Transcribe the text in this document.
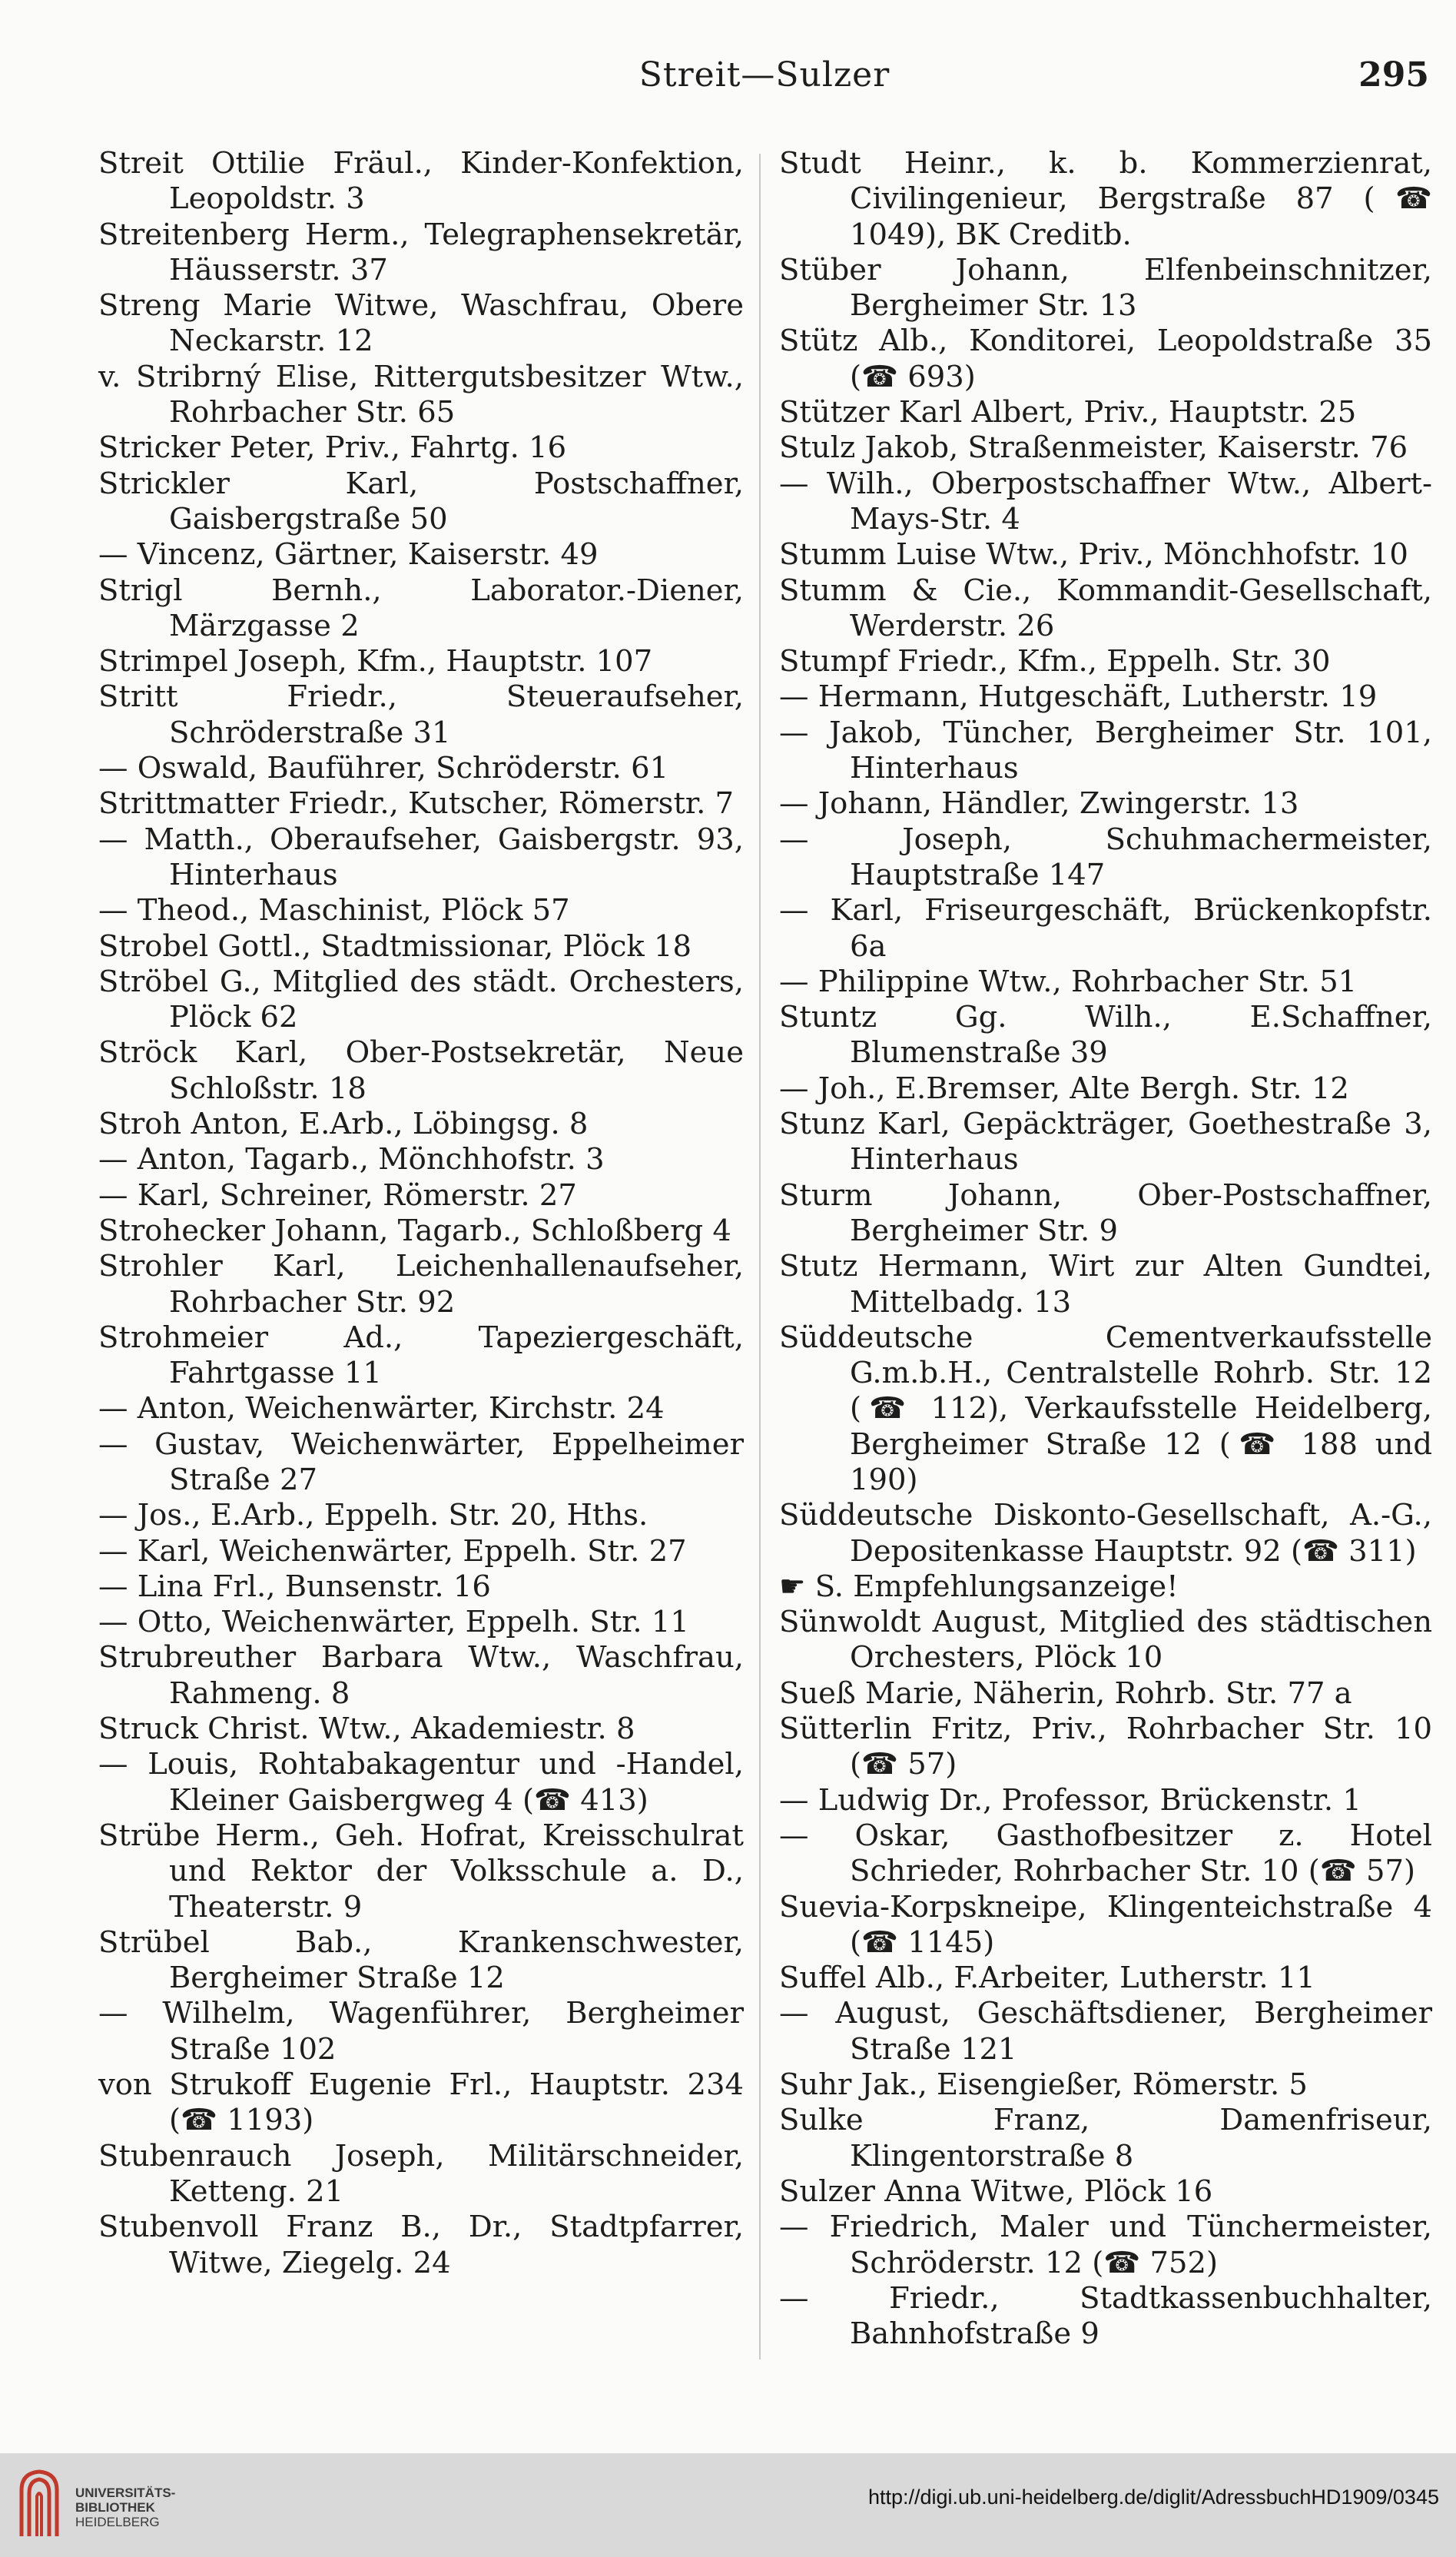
Streit—Sulzer	295

Streit Ottilie Fräul., Kinder-Konfektion, Leopoldstr. 3

Streitenberg Herm., Telegraphensekretär, Häusserstr. 37

Streng Marie Witwe, Waschfrau, Obere Neckarstr. 12

v. Stribrný Elise, Rittergutsbesitzer Wtw., Rohrbacher Str. 65

Stricker Peter, Priv., Fahrtg. 16

Strickler Karl, Postschaffner, Gaisbergstraße 50

— Vincenz, Gärtner, Kaiserstr. 49

Strigl Bernh., Laborator.-Diener, Märzgasse 2

Strimpel Joseph, Kfm., Hauptstr. 107

Stritt Friedr., Steueraufseher, Schröderstraße 31

— Oswald, Bauführer, Schröderstr. 61

Strittmatter Friedr., Kutscher, Römerstr. 7

— Matth., Oberaufseher, Gaisbergstr. 93, Hinterhaus

— Theod., Maschinist, Plöck 57

Strobel Gottl., Stadtmissionar, Plöck 18

Ströbel G., Mitglied des städt. Orchesters, Plöck 62

Ströck Karl, Ober-Postsekretär, Neue Schloßstr. 18

Stroh Anton, E.Arb., Löbingsg. 8

— Anton, Tagarb., Mönchhofstr. 3

— Karl, Schreiner, Römerstr. 27

Strohecker Johann, Tagarb., Schloßberg 4

Strohler Karl, Leichenhallenaufseher, Rohrbacher Str. 92

Strohmeier Ad., Tapeziergeschäft, Fahrtgasse 11

— Anton, Weichenwärter, Kirchstr. 24

— Gustav, Weichenwärter, Eppelheimer Straße 27

— Jos., E.Arb., Eppelh. Str. 20, Hths.

— Karl, Weichenwärter, Eppelh. Str. 27

— Lina Frl., Bunsenstr. 16

— Otto, Weichenwärter, Eppelh. Str. 11

Strubreuther Barbara Wtw., Waschfrau, Rahmeng. 8

Struck Christ. Wtw., Akademiestr. 8

— Louis, Rohtabakagentur und -Handel, Kleiner Gaisbergweg 4 (☎ 413)

Strübe Herm., Geh. Hofrat, Kreisschulrat und Rektor der Volksschule a. D., Theaterstr. 9

Strübel Bab., Krankenschwester, Bergheimer Straße 12

— Wilhelm, Wagenführer, Bergheimer Straße 102

von Strukoff Eugenie Frl., Hauptstr. 234 (☎ 1193)

Stubenrauch Joseph, Militärschneider, Ketteng. 21

Stubenvoll Franz B., Dr., Stadtpfarrer, Witwe, Ziegelg. 24

Studt Heinr., k. b. Kommerzienrat, Civilingenieur, Bergstraße 87 (☎ 1049), BK Creditb.

Stüber Johann, Elfenbeinschnitzer, Bergheimer Str. 13

Stütz Alb., Konditorei, Leopoldstraße 35 (☎ 693)

Stützer Karl Albert, Priv., Hauptstr. 25

Stulz Jakob, Straßenmeister, Kaiserstr. 76

— Wilh., Oberpostschaffner Wtw., Albert-Mays-Str. 4

Stumm Luise Wtw., Priv., Mönchhofstr. 10

Stumm & Cie., Kommandit-Gesellschaft, Werderstr. 26

Stumpf Friedr., Kfm., Eppelh. Str. 30

— Hermann, Hutgeschäft, Lutherstr. 19

— Jakob, Tüncher, Bergheimer Str. 101, Hinterhaus

— Johann, Händler, Zwingerstr. 13

— Joseph, Schuhmachermeister, Hauptstraße 147

— Karl, Friseurgeschäft, Brückenkopfstr. 6a

— Philippine Wtw., Rohrbacher Str. 51

Stuntz Gg. Wilh., E.Schaffner, Blumenstraße 39

— Joh., E.Bremser, Alte Bergh. Str. 12

Stunz Karl, Gepäckträger, Goethestraße 3, Hinterhaus

Sturm Johann, Ober-Postschaffner, Bergheimer Str. 9

Stutz Hermann, Wirt zur Alten Gundtei, Mittelbadg. 13

Süddeutsche Cementverkaufsstelle G.m.b.H., Centralstelle Rohrb. Str. 12 (☎ 112), Verkaufsstelle Heidelberg, Bergheimer Straße 12 (☎ 188 und 190)

Süddeutsche Diskonto-Gesellschaft, A.-G., Depositenkasse Hauptstr. 92 (☎ 311)

☛ S. Empfehlungsanzeige!

Sünwoldt August, Mitglied des städtischen Orchesters, Plöck 10

Sueß Marie, Näherin, Rohrb. Str. 77 a

Sütterlin Fritz, Priv., Rohrbacher Str. 10 (☎ 57)

— Ludwig Dr., Professor, Brückenstr. 1

— Oskar, Gasthofbesitzer z. Hotel Schrieder, Rohrbacher Str. 10 (☎ 57)

Suevia-Korpskneipe, Klingenteichstraße 4 (☎ 1145)

Suffel Alb., F.Arbeiter, Lutherstr. 11

— August, Geschäftsdiener, Bergheimer Straße 121

Suhr Jak., Eisengießer, Römerstr. 5

Sulke Franz, Damenfriseur, Klingentorstraße 8

Sulzer Anna Witwe, Plöck 16

— Friedrich, Maler und Tünchermeister, Schröderstr. 12 (☎ 752)

— Friedr., Stadtkassenbuchhalter, Bahnhofstraße 9

UNIVERSITÄTS-
BIBLIOTHEK
HEIDELBERG
http://digi.ub.uni-heidelberg.de/diglit/AdressbuchHD1909/0345
